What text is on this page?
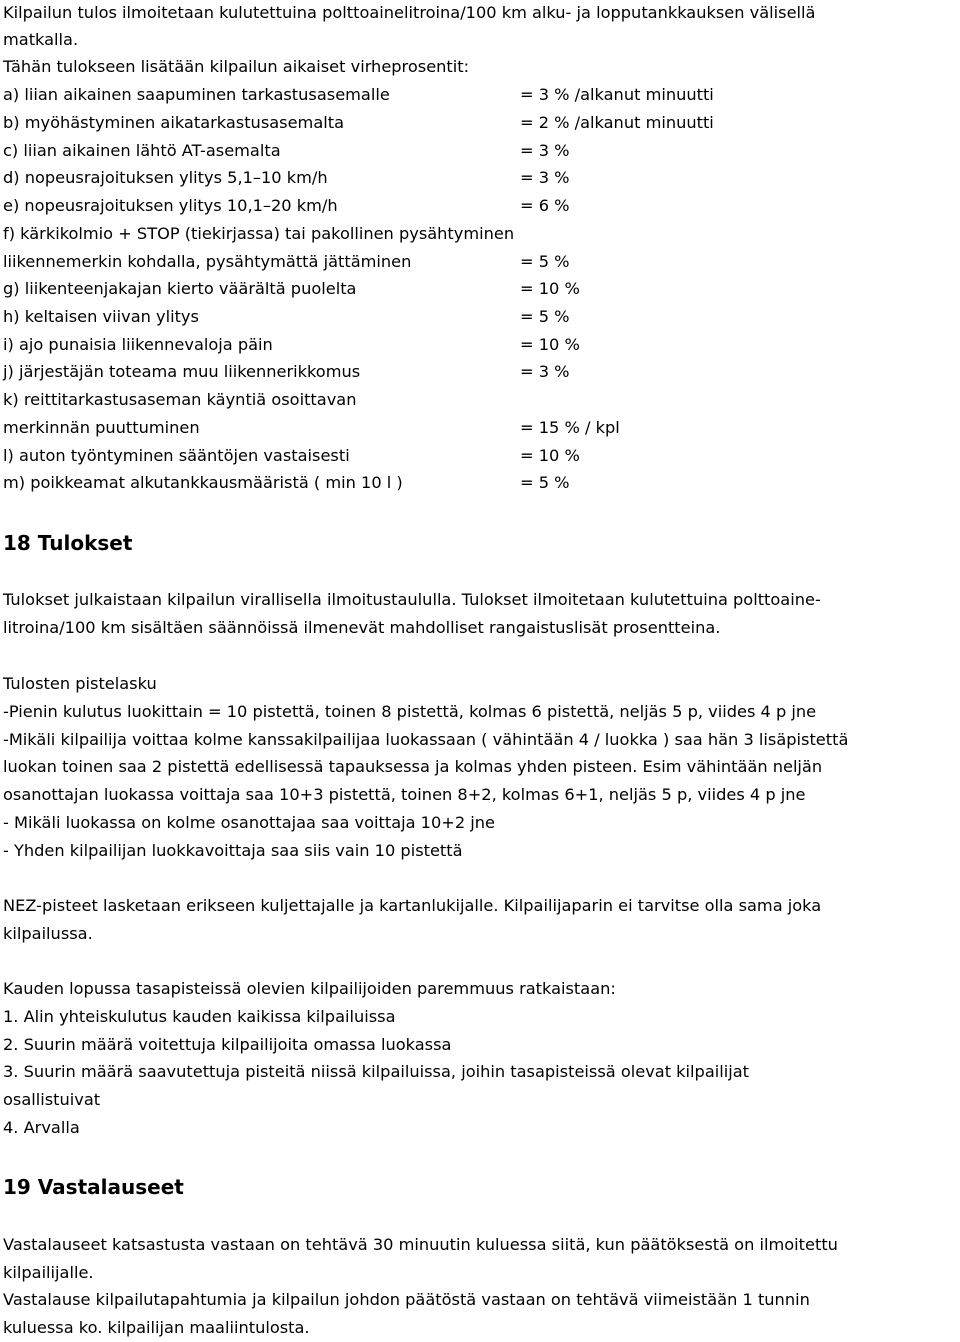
Kilpailun tulos ilmoitetaan kulutettuina polttoainelitroina/100 km alku- ja lopputankkauksen välisellä
matkalla.
Tähän tulokseen lisätään kilpailun aikaiset virheprosentit:
a) liian aikainen saapuminen tarkastusasemalle	= 3 % /alkanut minuutti
b) myöhästyminen aikatarkastusasemalta	= 2 % /alkanut minuutti
c) liian aikainen lähtö AT-asemalta	= 3 %
d) nopeusrajoituksen ylitys 5,1–10 km/h	= 3 %
e) nopeusrajoituksen ylitys 10,1–20 km/h	= 6 %
f) kärkikolmio + STOP (tiekirjassa) tai pakollinen pysähtyminen
liikennemerkin kohdalla, pysähtymättä jättäminen	= 5 %
g) liikenteenjakajan kierto väärältä puolelta	= 10 %
h) keltaisen viivan ylitys	= 5 %
i) ajo punaisia liikennevaloja päin	= 10 %
j) järjestäjän toteama muu liikennerikkomus	= 3 %
k) reittitarkastusaseman käyntiä osoittavan
merkinnän puuttuminen	= 15 % / kpl
l) auton työntyminen sääntöjen vastaisesti	= 10 %
m) poikkeamat alkutankkausmääristä ( min 10 l )	= 5 %
18 Tulokset
Tulokset julkaistaan kilpailun virallisella ilmoitustaululla. Tulokset ilmoitetaan kulutettuina polttoaine-
litroina/100 km sisältäen säännöissä ilmenevät mahdolliset rangaistuslisät prosentteina.
Tulosten pistelasku
-Pienin kulutus luokittain = 10 pistettä, toinen 8 pistettä, kolmas 6 pistettä, neljäs 5 p, viides 4 p jne
-Mikäli kilpailija voittaa kolme kanssakilpailijaa luokassaan ( vähintään 4 / luokka ) saa hän 3 lisäpistettä
luokan toinen saa 2 pistettä edellisessä tapauksessa ja kolmas yhden pisteen. Esim vähintään neljän
osanottajan luokassa voittaja saa 10+3 pistettä, toinen 8+2, kolmas 6+1, neljäs 5 p, viides 4 p jne
- Mikäli luokassa on kolme osanottajaa saa voittaja 10+2 jne
- Yhden kilpailijan luokkavoittaja saa siis vain 10 pistettä
NEZ-pisteet lasketaan erikseen kuljettajalle ja kartanlukijalle. Kilpailijaparin ei tarvitse olla sama joka
kilpailussa.
Kauden lopussa tasapisteissä olevien kilpailijoiden paremmuus ratkaistaan:
1. Alin yhteiskulutus kauden kaikissa kilpailuissa
2. Suurin määrä voitettuja kilpailijoita omassa luokassa
3. Suurin määrä saavutettuja pisteitä niissä kilpailuissa, joihin tasapisteissä olevat kilpailijat
osallistuivat
4. Arvalla
19 Vastalauseet
Vastalauseet katsastusta vastaan on tehtävä 30 minuutin kuluessa siitä, kun päätöksestä on ilmoitettu
kilpailijalle.
Vastalause kilpailutapahtumia ja kilpailun johdon päätöstä vastaan on tehtävä viimeistään 1 tunnin
kuluessa ko. kilpailijan maaliintulosta.
